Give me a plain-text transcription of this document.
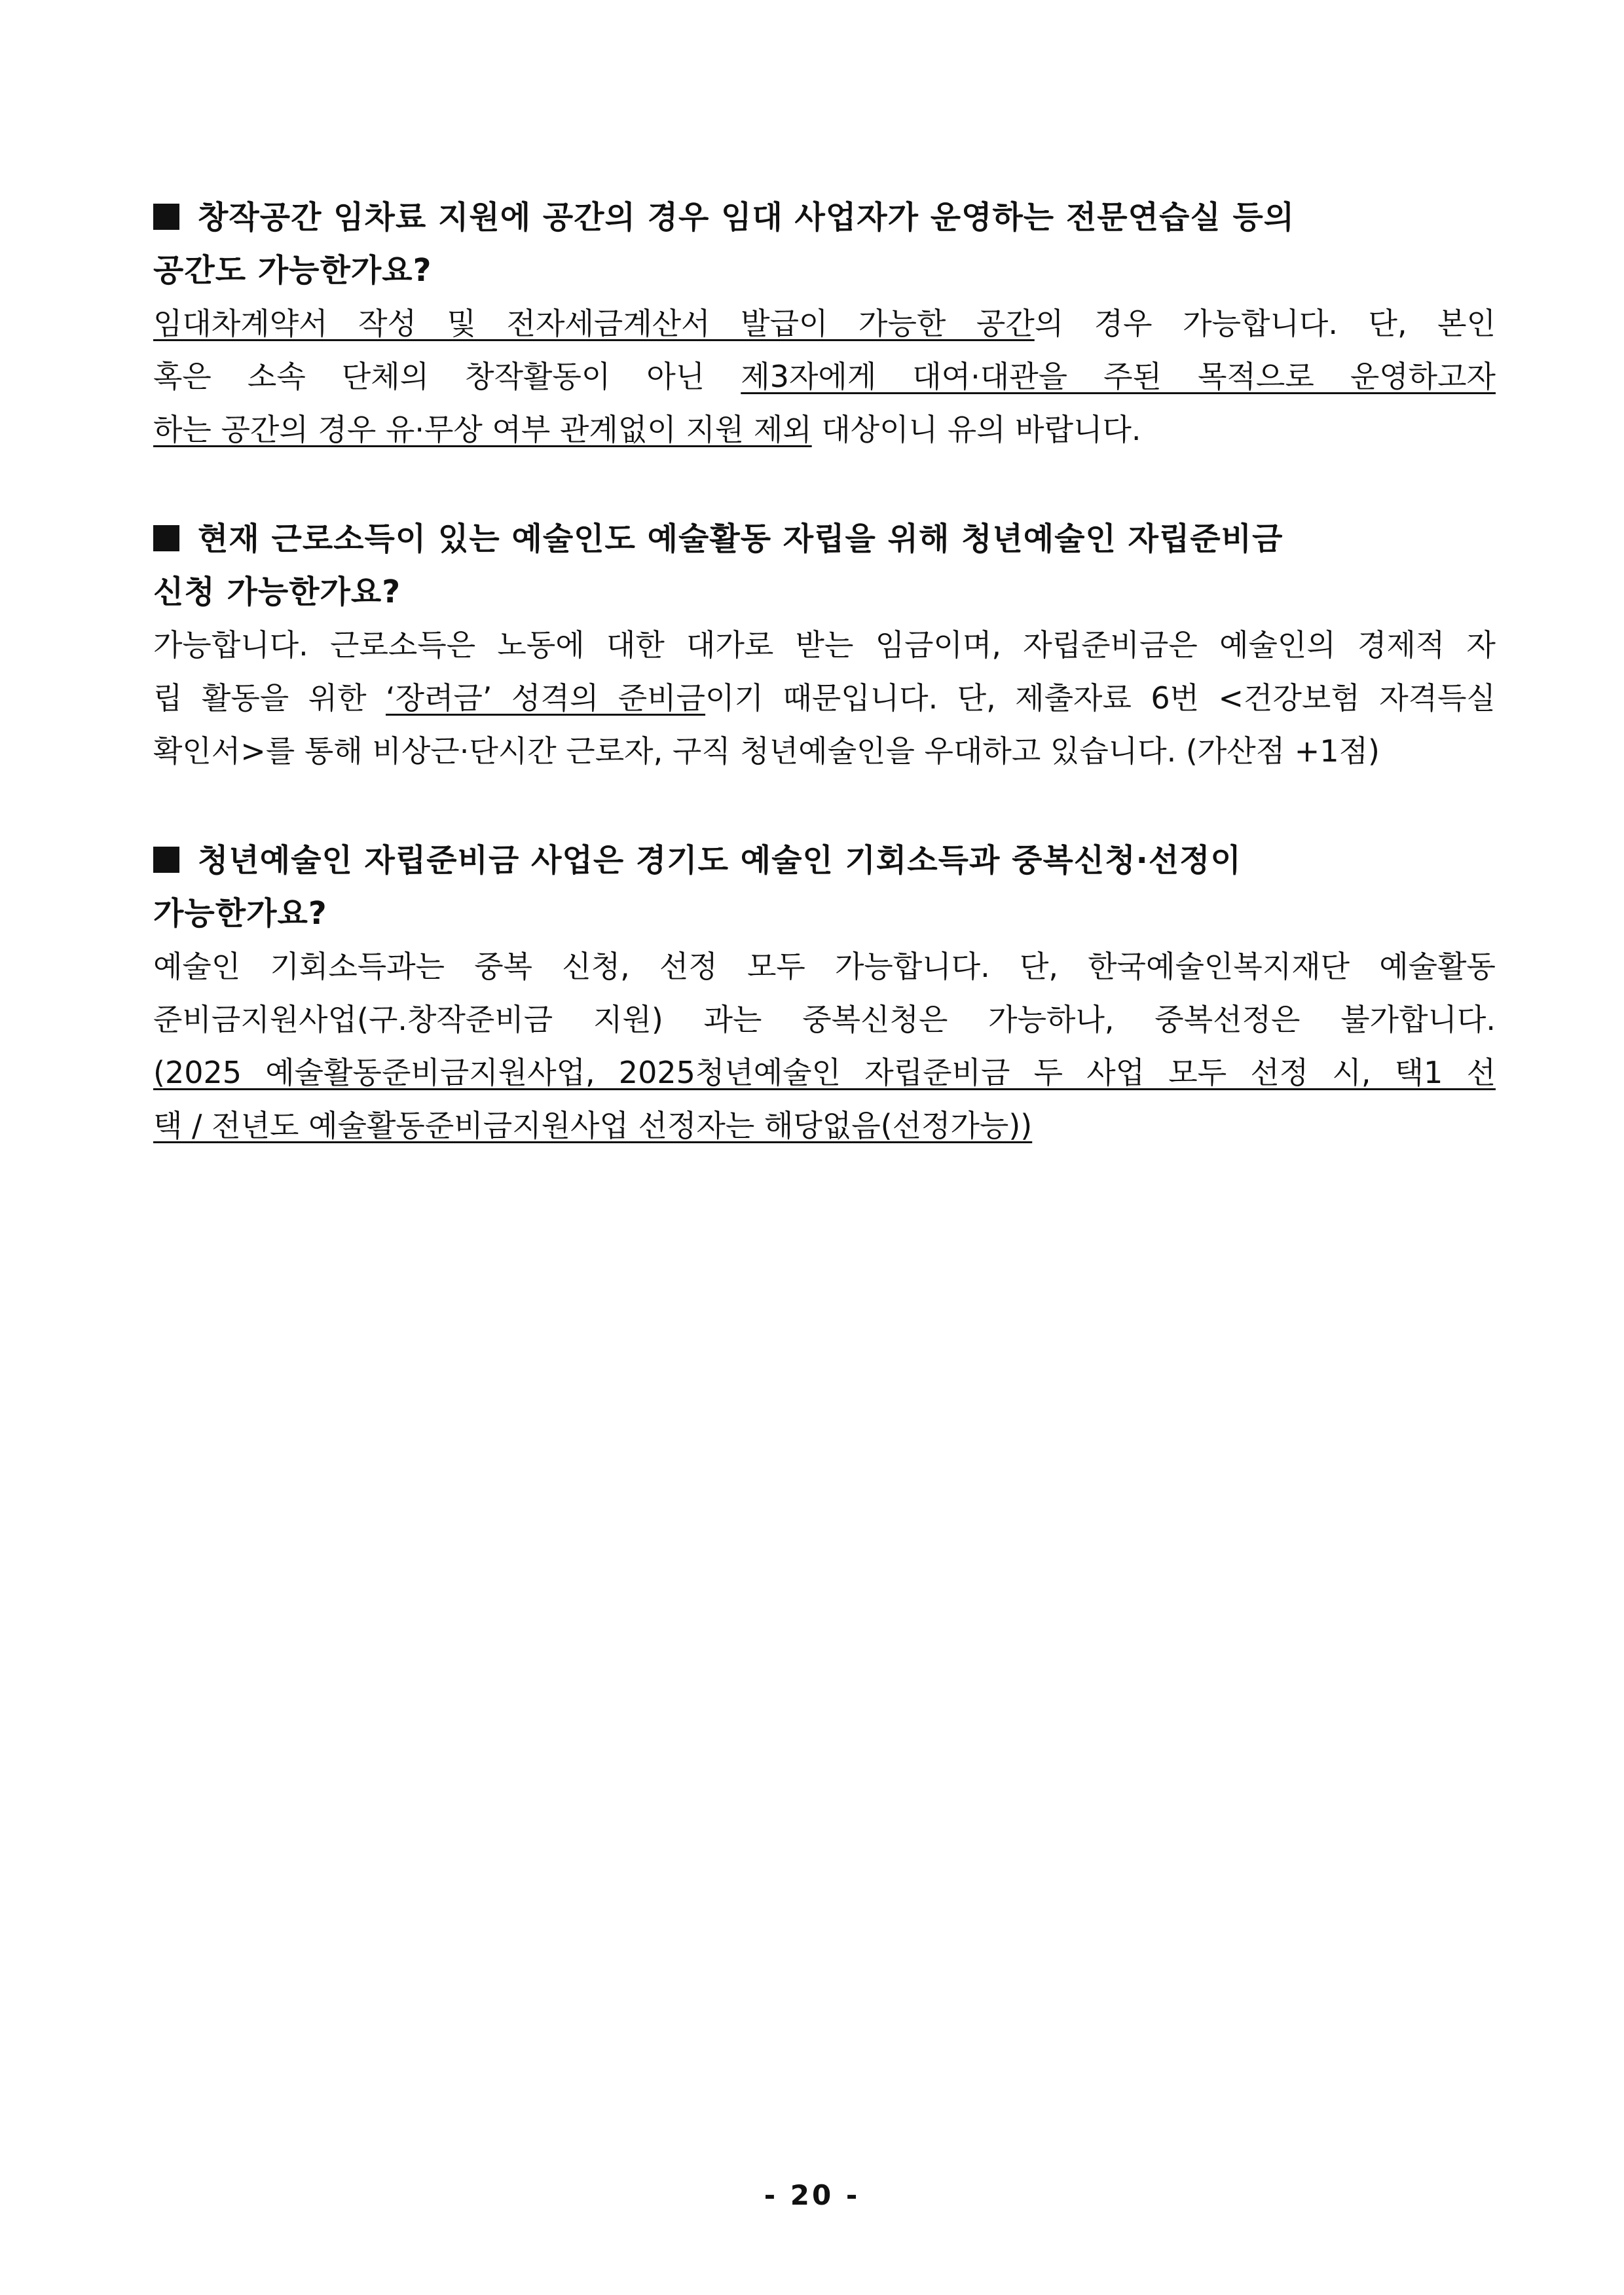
창작공간 임차료 지원에 공간의 경우 임대 사업자가 운영하는 전문연습실 등의
공간도 가능한가요?
임대차계약서 작성 및 전자세금계산서 발급이 가능한 공간의 경우 가능합니다. 단, 본인
혹은 소속 단체의 창작활동이 아닌 제3자에게 대여·대관을 주된 목적으로 운영하고자
하는 공간의 경우 유·무상 여부 관계없이 지원 제외 대상이니 유의 바랍니다.
현재 근로소득이 있는 예술인도 예술활동 자립을 위해 청년예술인 자립준비금
신청 가능한가요?
가능합니다. 근로소득은 노동에 대한 대가로 받는 임금이며, 자립준비금은 예술인의 경제적 자
립 활동을 위한 ‘장려금’ 성격의 준비금이기 때문입니다. 단, 제출자료 6번 <건강보험 자격득실
확인서>를 통해 비상근·단시간 근로자, 구직 청년예술인을 우대하고 있습니다. (가산점 +1점)
청년예술인 자립준비금 사업은 경기도 예술인 기회소득과 중복신청·선정이
가능한가요?
예술인 기회소득과는 중복 신청, 선정 모두 가능합니다. 단, 한국예술인복지재단 예술활동
준비금지원사업(구.창작준비금 지원) 과는 중복신청은 가능하나, 중복선정은 불가합니다.
(2025 예술활동준비금지원사업, 2025청년예술인 자립준비금 두 사업 모두 선정 시, 택1 선
택 / 전년도 예술활동준비금지원사업 선정자는 해당없음(선정가능))
- 20 -
